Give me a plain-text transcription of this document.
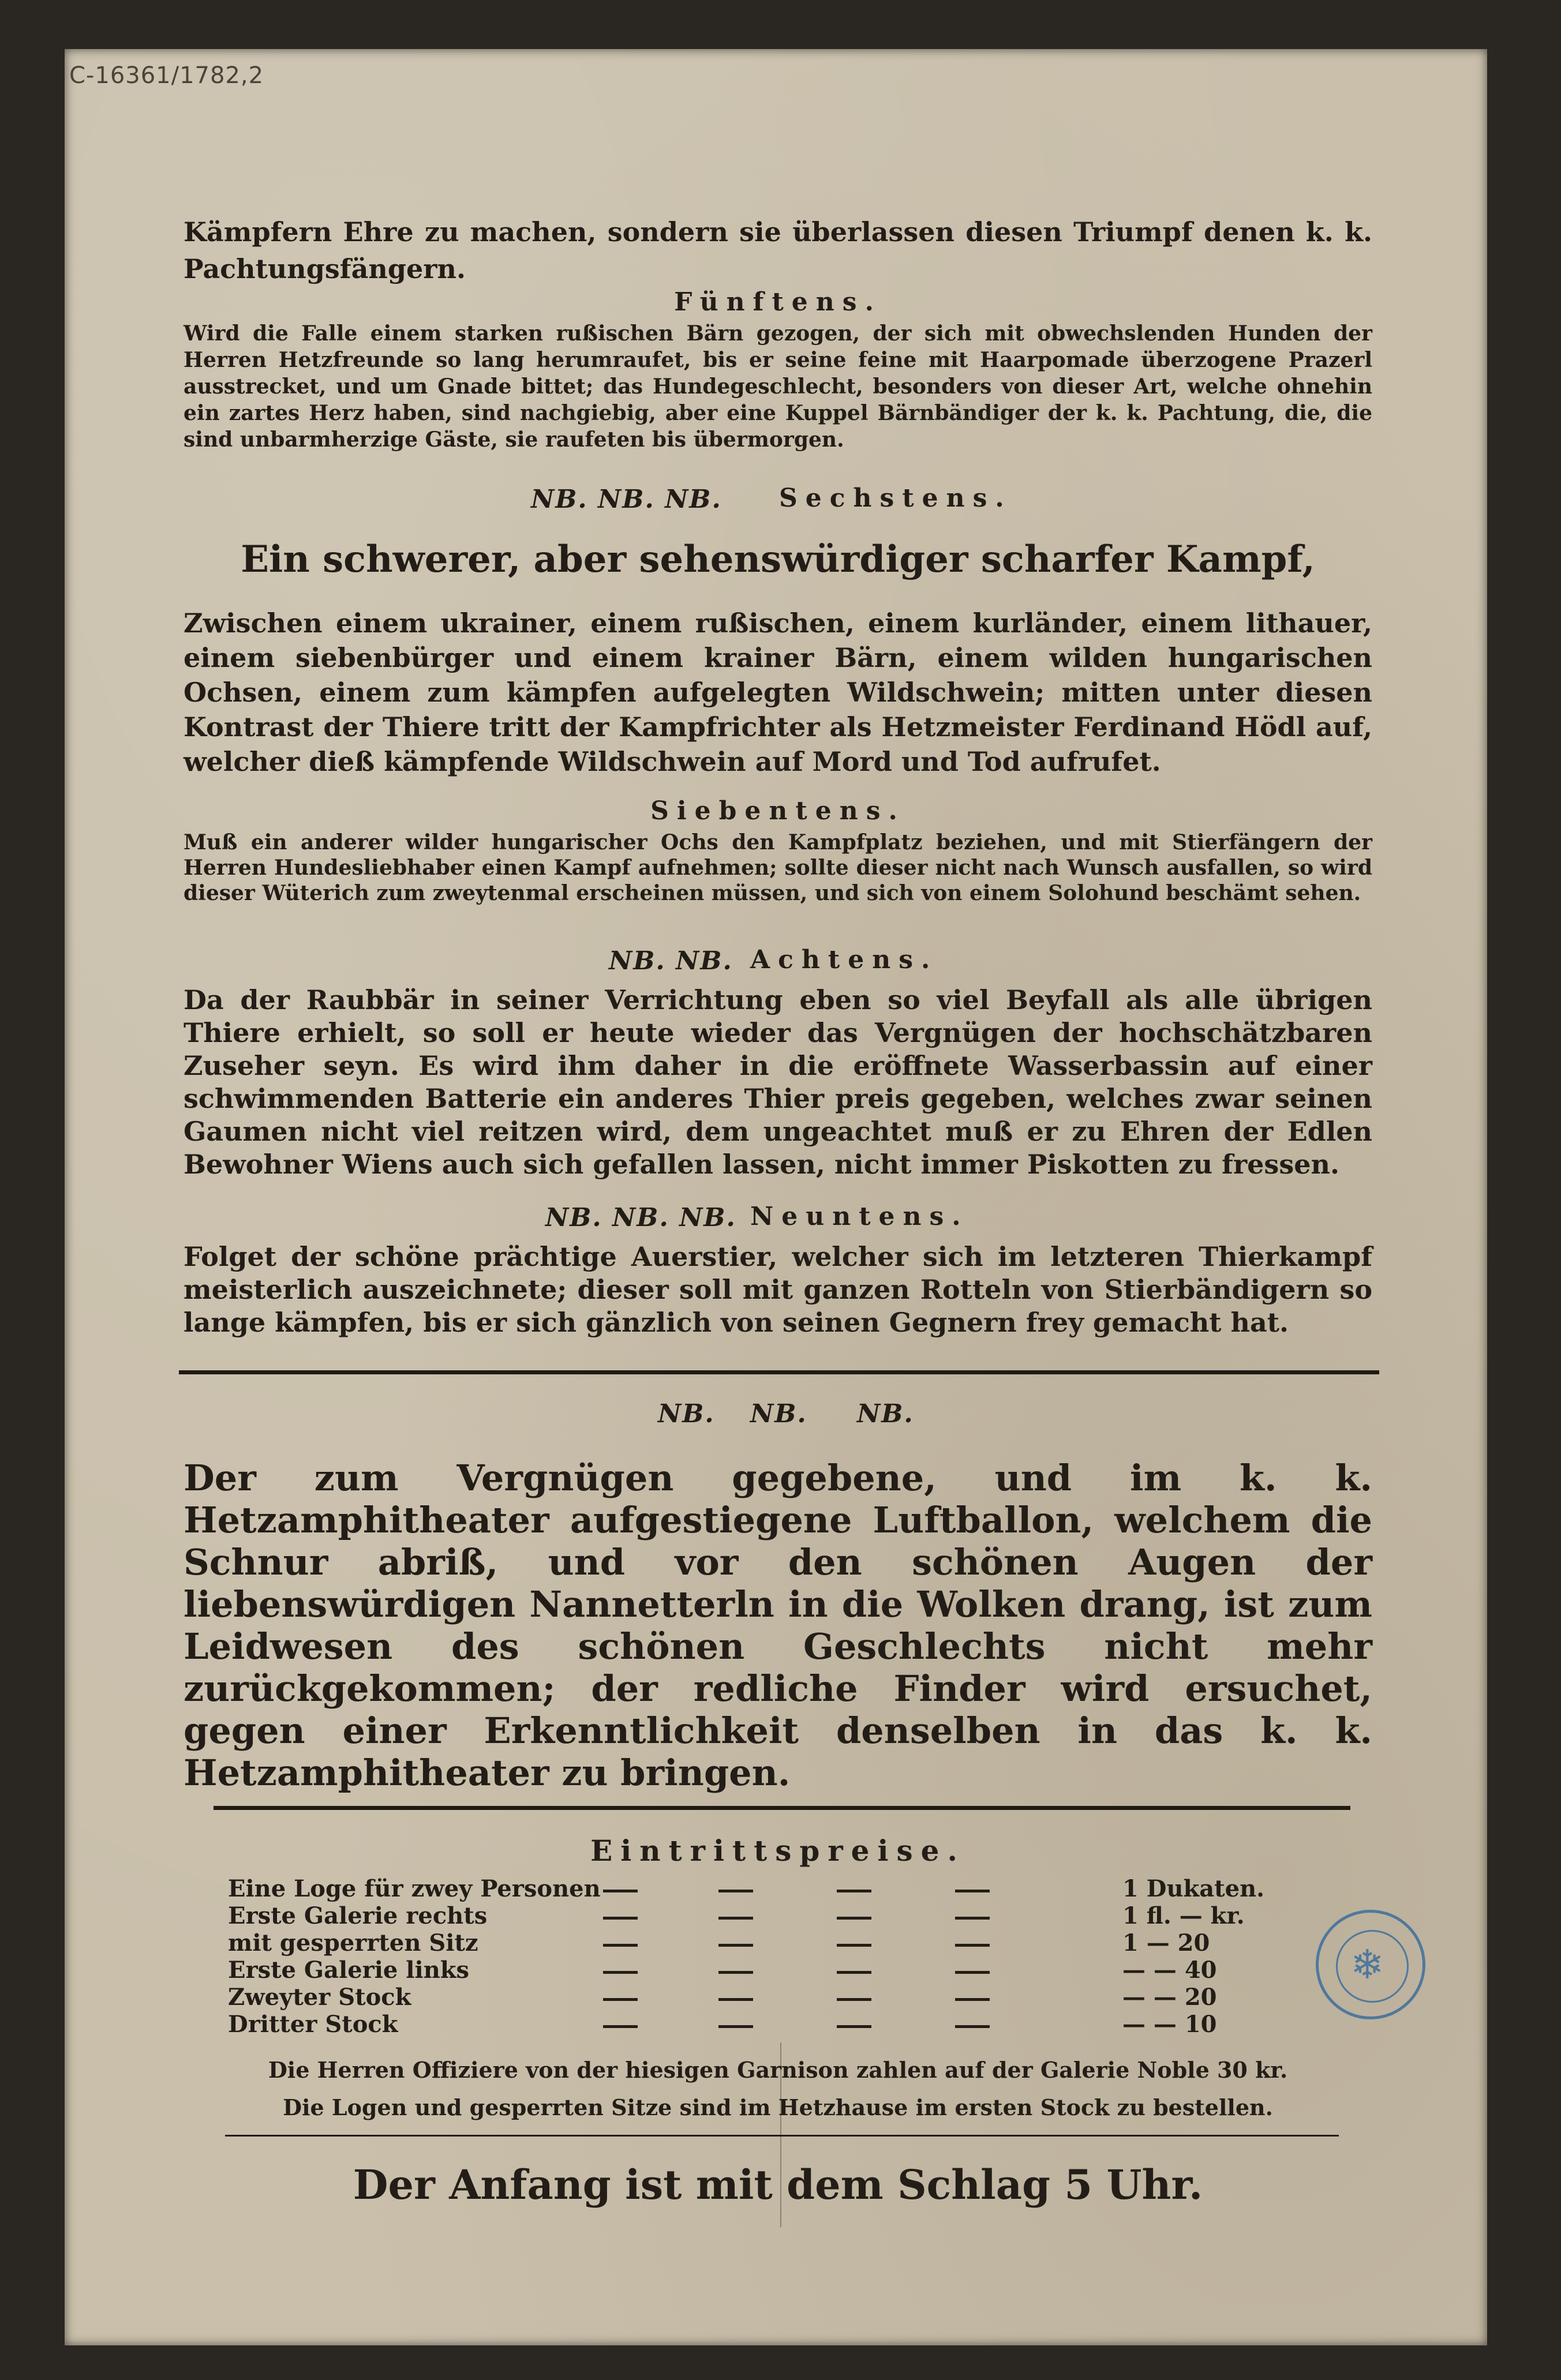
C-16361/1782,2
Kämpfern Ehre zu machen, sondern sie überlassen diesen Triumpf denen k. k. Pachtungsfängern.
Fünftens.
Wird die Falle einem starken rußischen Bärn gezogen, der sich mit obwechslenden Hunden der Herren Hetzfreunde so lang herumraufet, bis er seine feine mit Haarpomade überzogene Prazerl ausstrecket, und um Gnade bittet; das Hundegeschlecht, besonders von dieser Art, welche ohnehin ein zartes Herz haben, sind nachgiebig, aber eine Kuppel Bärnbändiger der k. k. Pachtung, die, die sind unbarmherzige Gäste, sie raufeten bis übermorgen.
NB. NB. NB. Sechstens.
Ein schwerer, aber sehenswürdiger scharfer Kampf,
Zwischen einem ukrainer, einem rußischen, einem kurländer, einem lithauer, einem siebenbürger und einem krainer Bärn, einem wilden hungarischen Ochsen, einem zum kämpfen aufgelegten Wildschwein; mitten unter diesen Kontrast der Thiere tritt der Kampfrichter als Hetzmeister Ferdinand Hödl auf, welcher dieß kämpfende Wildschwein auf Mord und Tod aufrufet.
Siebentens.
Muß ein anderer wilder hungarischer Ochs den Kampfplatz beziehen, und mit Stierfängern der Herren Hundesliebhaber einen Kampf aufnehmen; sollte dieser nicht nach Wunsch ausfallen, so wird dieser Wüterich zum zweytenmal erscheinen müssen, und sich von einem Solohund beschämt sehen.
NB. NB. Achtens.
Da der Raubbär in seiner Verrichtung eben so viel Beyfall als alle übrigen Thiere erhielt, so soll er heute wieder das Vergnügen der hochschätzbaren Zuseher seyn. Es wird ihm daher in die eröffnete Wasserbassin auf einer schwimmenden Batterie ein anderes Thier preis gegeben, welches zwar seinen Gaumen nicht viel reitzen wird, dem ungeachtet muß er zu Ehren der Edlen Bewohner Wiens auch sich gefallen lassen, nicht immer Piskotten zu fressen.
NB. NB. NB. Neuntens.
Folget der schöne prächtige Auerstier, welcher sich im letzteren Thierkampf meisterlich auszeichnete; dieser soll mit ganzen Rotteln von Stierbändigern so lange kämpfen, bis er sich gänzlich von seinen Gegnern frey gemacht hat.
NB. NB. NB.
Der zum Vergnügen gegebene, und im k. k. Hetzamphitheater aufgestiegene Luftballon, welchem die Schnur abriß, und vor den schönen Augen der liebenswürdigen Nannetterln in die Wolken drang, ist zum Leidwesen des schönen Geschlechts nicht mehr zurückgekommen; der redliche Finder wird ersuchet, gegen einer Erkenntlichkeit denselben in das k. k. Hetzamphitheater zu bringen.
Eintrittspreise.
Eine Loge für zwey Personen	1 Dukaten.
Erste Galerie rechts	1 fl. — kr.
mit gesperrten Sitz	1 — 20
Erste Galerie links	— — 40
Zweyter Stock	— — 20
Dritter Stock	— — 10
Die Herren Offiziere von der hiesigen Garnison zahlen auf der Galerie Noble 30 kr.
Die Logen und gesperrten Sitze sind im Hetzhause im ersten Stock zu bestellen.
Der Anfang ist mit dem Schlag 5 Uhr.
❄
